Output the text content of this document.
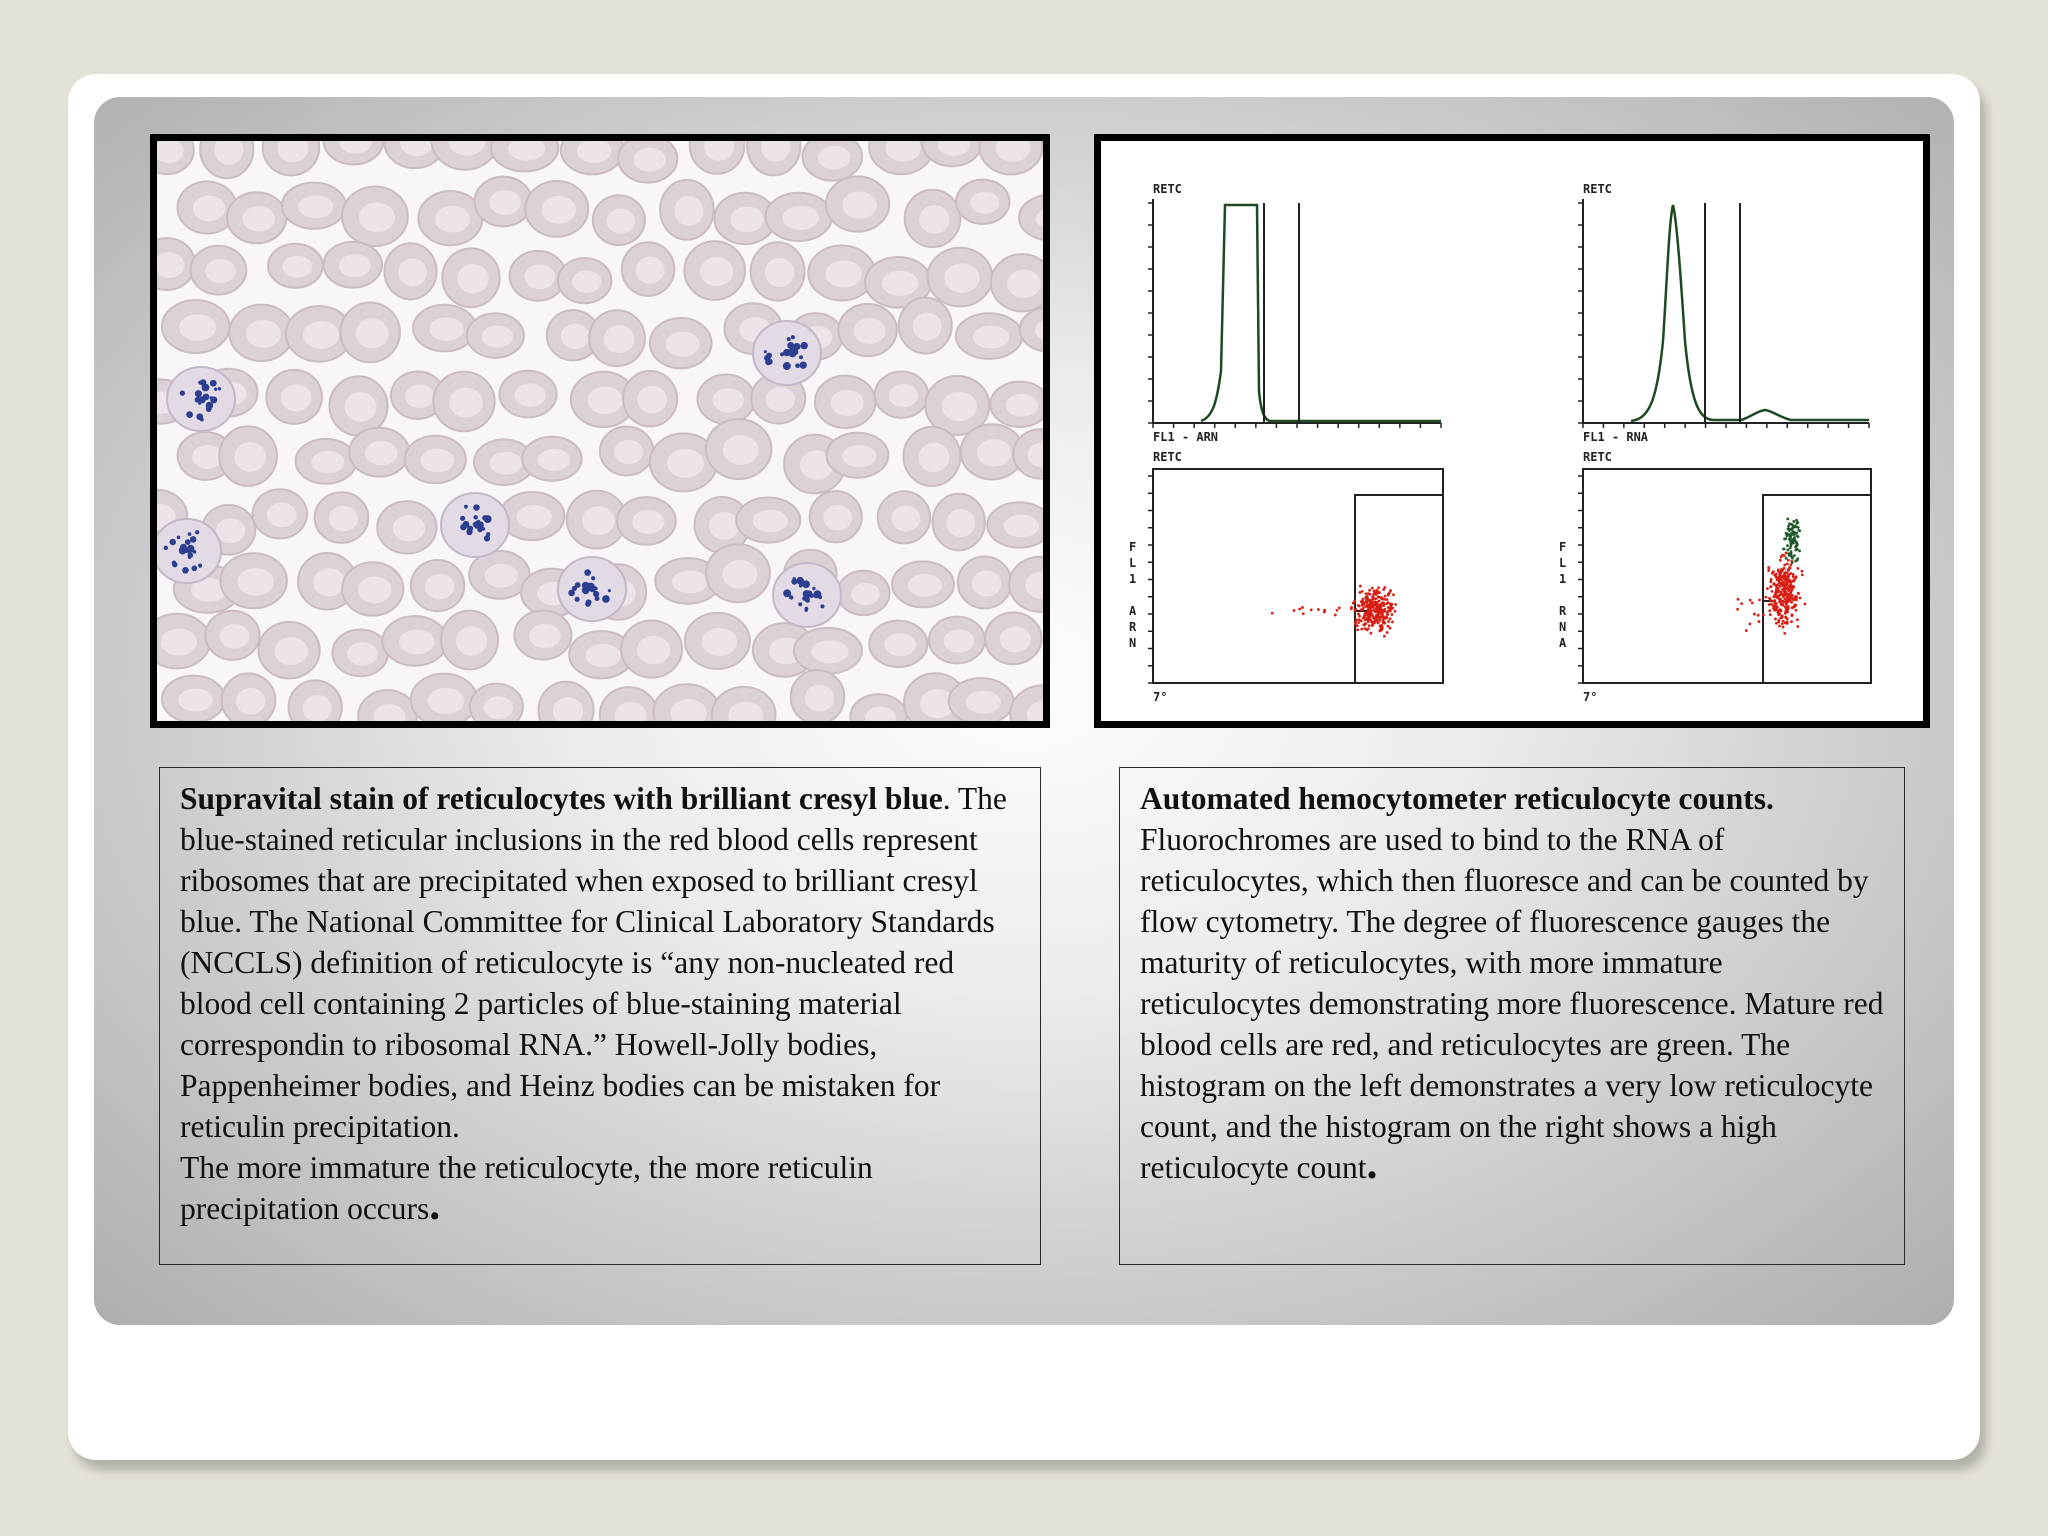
RETC
FL1 - ARN
RETC
FL1 - RNA
RETC
F
L
1
A
R
N
7°
RETC
F
L
1
R
N
A
7°
Supravital stain of reticulocytes with brilliant cresyl blue. The blue-stained reticular inclusions in the red blood cells represent ribosomes that are precipitated when exposed to brilliant cresyl blue. The National Committee for Clinical Laboratory Standards (NCCLS) definition of reticulocyte is “any non-nucleated red blood cell containing 2 particles of blue-staining material correspondin to ribosomal RNA.” Howell-Jolly bodies, Pappenheimer bodies, and Heinz bodies can be mistaken for reticulin precipitation.
The more immature the reticulocyte, the more reticulin precipitation occurs.
Automated hemocytometer reticulocyte counts.
Fluorochromes are used to bind to the RNA of reticulocytes, which then fluoresce and can be counted by flow cytometry. The degree of fluorescence gauges the maturity of reticulocytes, with more immature reticulocytes demonstrating more fluorescence. Mature red blood cells are red, and reticulocytes are green. The histogram on the left demonstrates a very low reticulocyte count, and the histogram on the right shows a high
reticulocyte count.
